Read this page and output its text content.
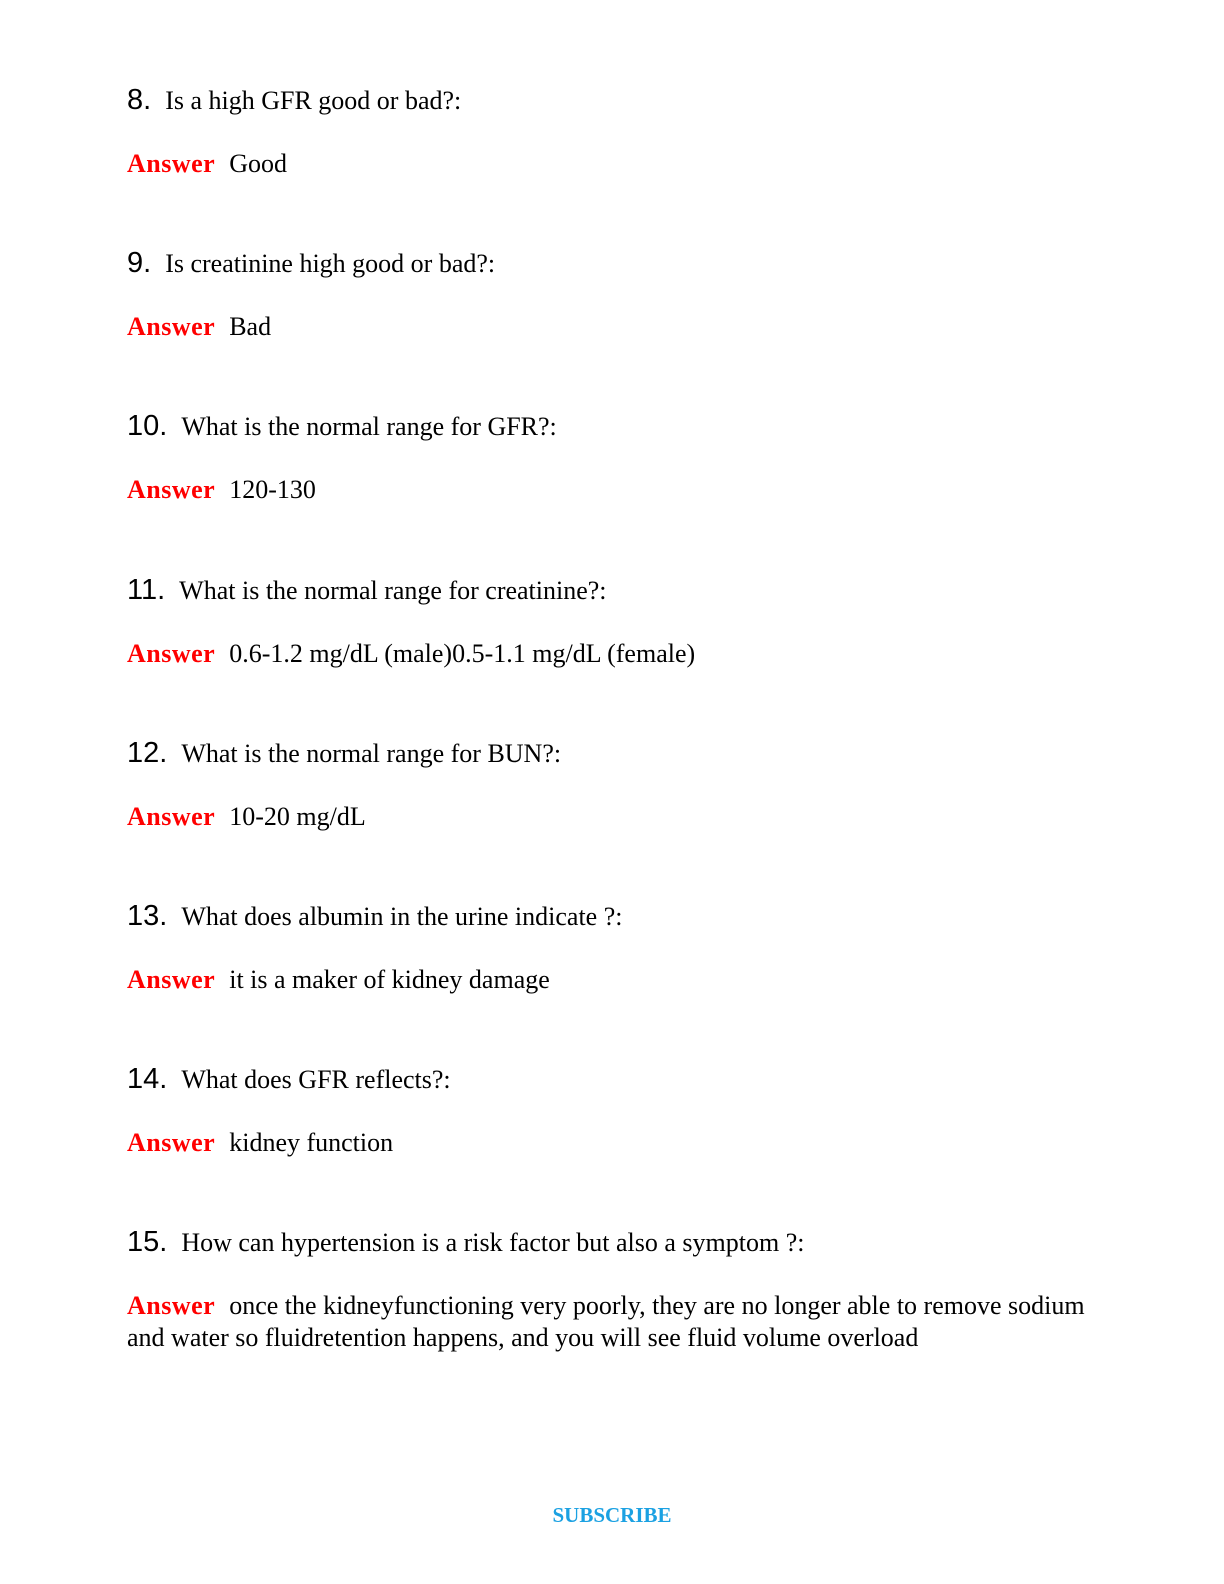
8. Is a high GFR good or bad?:
Answer Good
9. Is creatinine high good or bad?:
Answer Bad
10. What is the normal range for GFR?:
Answer 120-130
11. What is the normal range for creatinine?:
Answer 0.6-1.2 mg/dL (male)0.5-1.1 mg/dL (female)
12. What is the normal range for BUN?:
Answer 10-20 mg/dL
13. What does albumin in the urine indicate ?:
Answer it is a maker of kidney damage
14. What does GFR reflects?:
Answer kidney function
15. How can hypertension is a risk factor but also a symptom ?:
Answer once the kidneyfunctioning very poorly, they are no longer able to remove sodium and water so fluidretention happens, and you will see fluid volume overload
SUBSCRIBE
